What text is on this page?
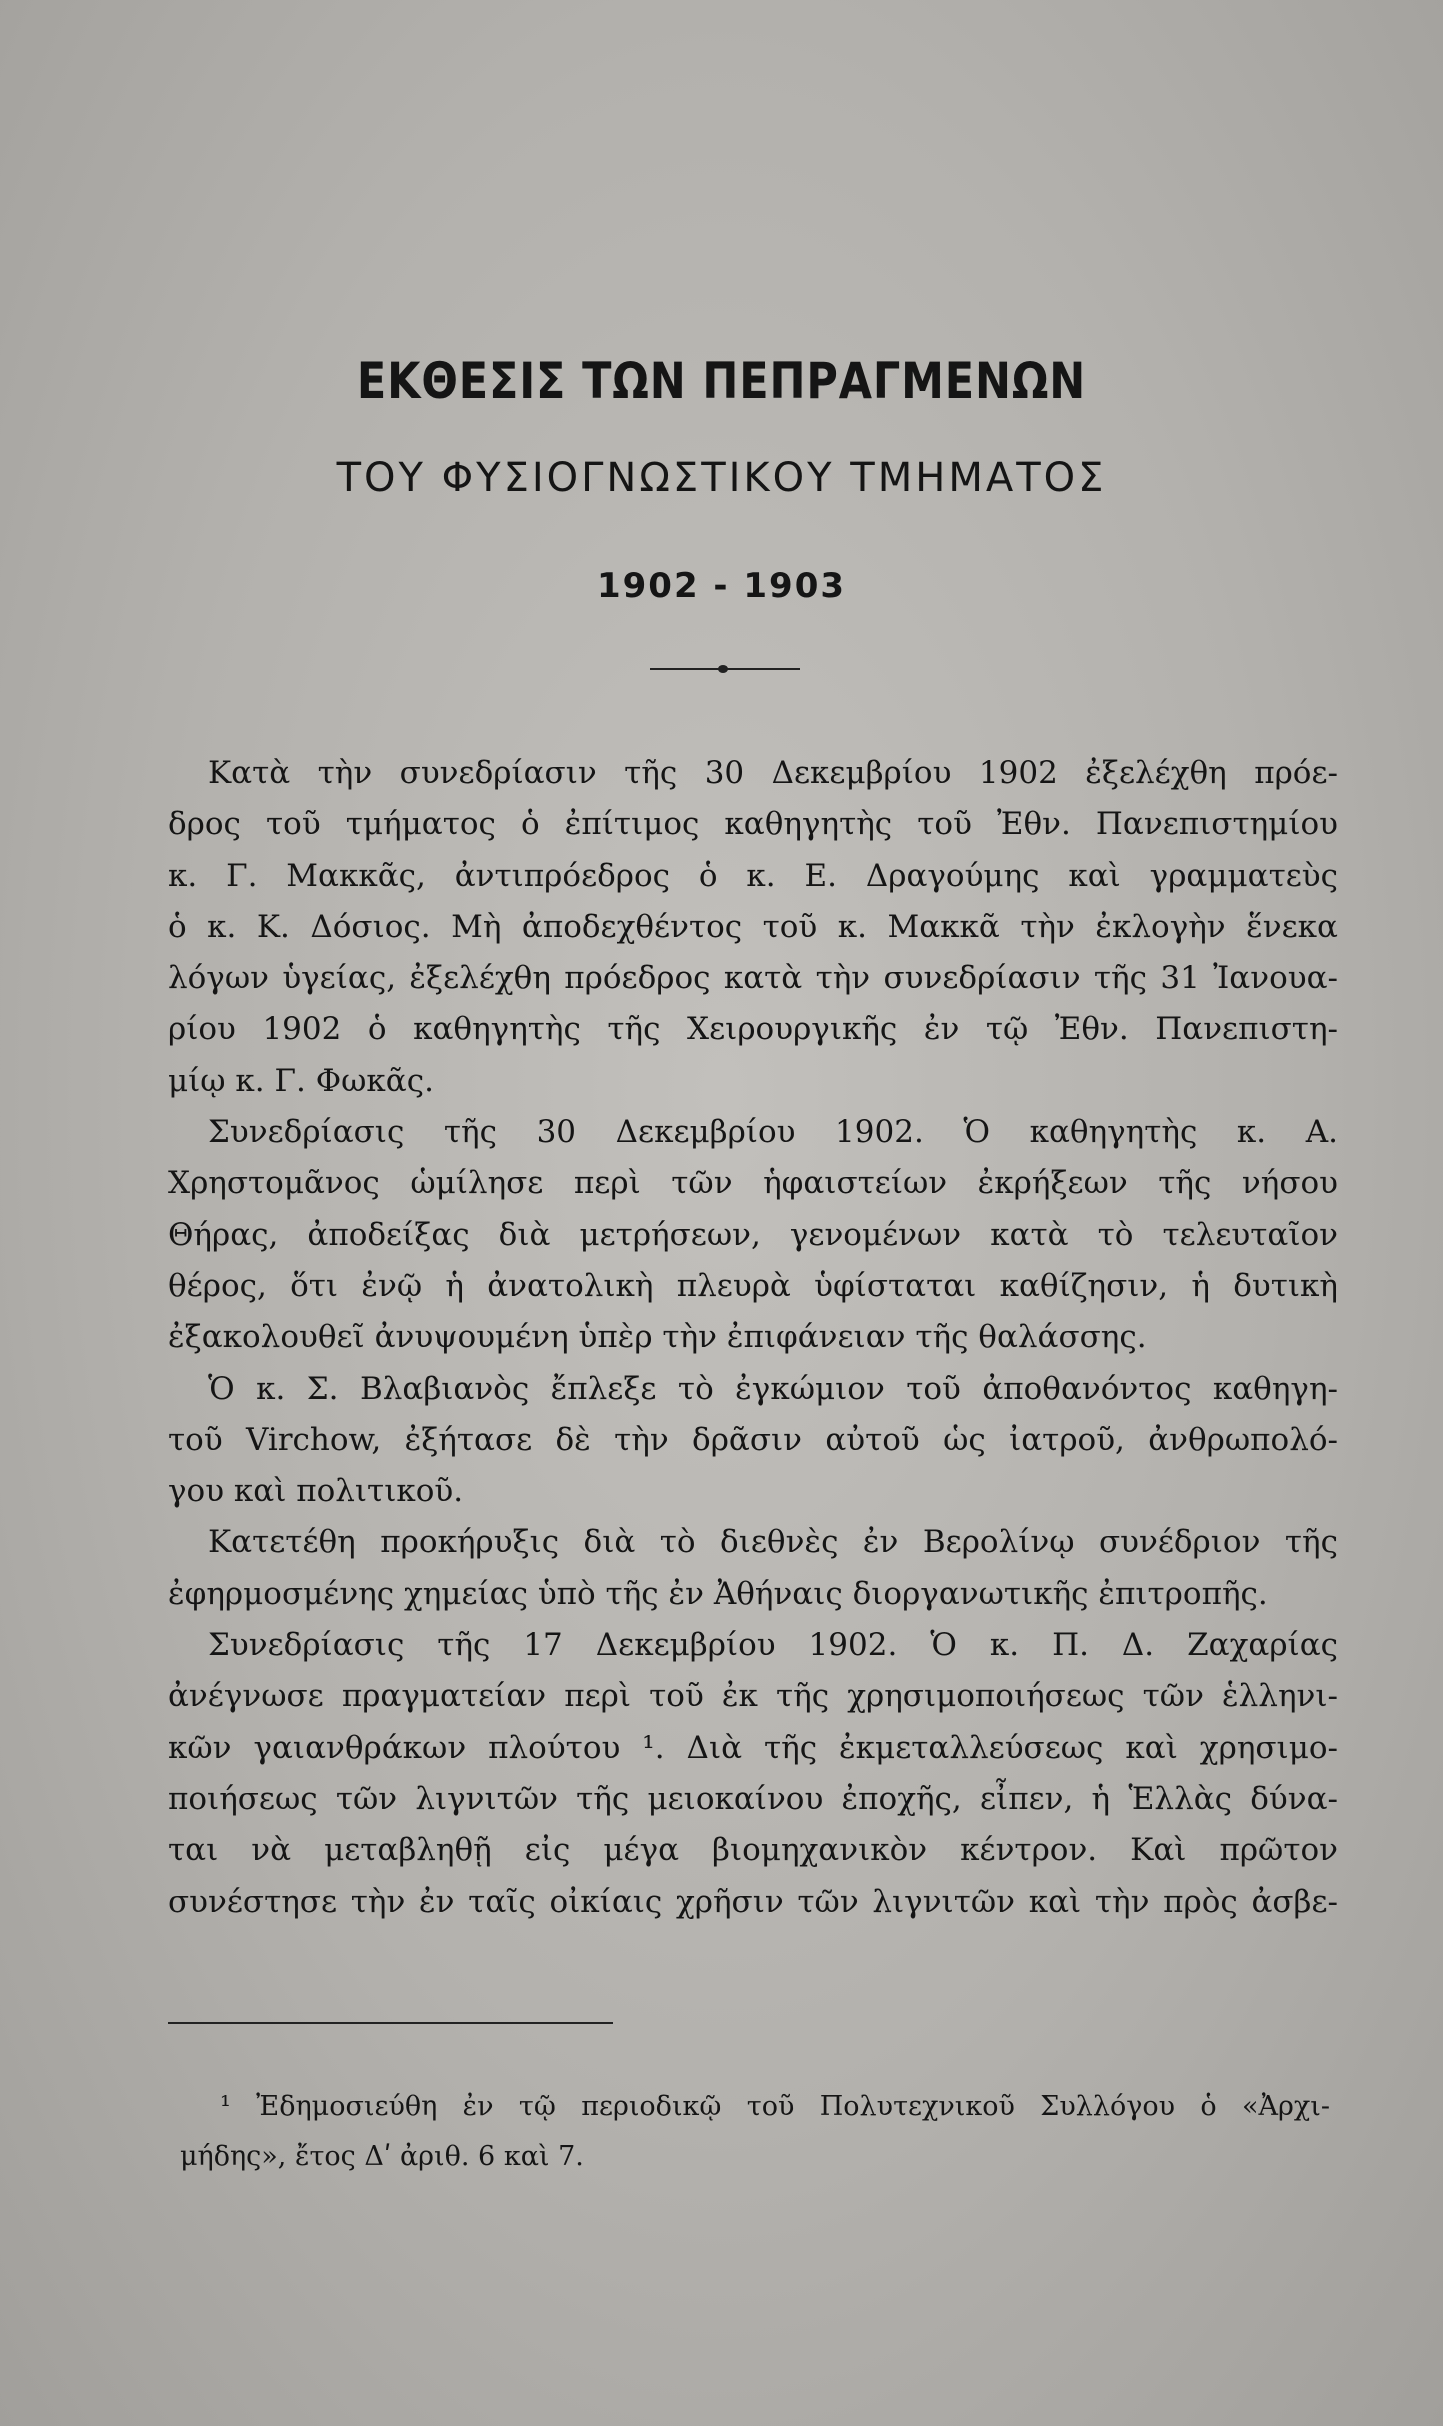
ΕΚΘΕΣΙΣ ΤΩΝ ΠΕΠΡΑΓΜΕΝΩΝ
ΤΟΥ ΦΥΣΙΟΓΝΩΣΤΙΚΟΥ ΤΜΗΜΑΤΟΣ
1902 - 1903
Κατὰ τὴν συνεδρίασιν τῆς 30 Δεκεμβρίου 1902 ἐξελέχθη πρόε-
δρος τοῦ τμήματος ὁ ἐπίτιμος καθηγητὴς τοῦ Ἐθν. Πανεπιστημίου
κ. Γ. Μακκᾶς, ἀντιπρόεδρος ὁ κ. Ε. Δραγούμης καὶ γραμματεὺς
ὁ κ. Κ. Δόσιος. Μὴ ἀποδεχθέντος τοῦ κ. Μακκᾶ τὴν ἐκλογὴν ἕνεκα
λόγων ὑγείας, ἐξελέχθη πρόεδρος κατὰ τὴν συνεδρίασιν τῆς 31 Ἰανουα-
ρίου 1902 ὁ καθηγητὴς τῆς Χειρουργικῆς ἐν τῷ Ἐθν. Πανεπιστη-
μίῳ κ. Γ. Φωκᾶς.
Συνεδρίασις τῆς 30 Δεκεμβρίου 1902. Ὁ καθηγητὴς κ. Α.
Χρηστομᾶνος ὡμίλησε περὶ τῶν ἡφαιστείων ἐκρήξεων τῆς νήσου
Θήρας, ἀποδείξας διὰ μετρήσεων, γενομένων κατὰ τὸ τελευταῖον
θέρος, ὅτι ἐνῷ ἡ ἀνατολικὴ πλευρὰ ὑφίσταται καθίζησιν, ἡ δυτικὴ
ἐξακολουθεῖ ἀνυψουμένη ὑπὲρ τὴν ἐπιφάνειαν τῆς θαλάσσης.
Ὁ κ. Σ. Βλαβιανὸς ἔπλεξε τὸ ἐγκώμιον τοῦ ἀποθανόντος καθηγη-
τοῦ Virchow, ἐξήτασε δὲ τὴν δρᾶσιν αὐτοῦ ὡς ἰατροῦ, ἀνθρωπολό-
γου καὶ πολιτικοῦ.
Κατετέθη προκήρυξις διὰ τὸ διεθνὲς ἐν Βερολίνῳ συνέδριον τῆς
ἐφηρμοσμένης χημείας ὑπὸ τῆς ἐν Ἀθήναις διοργανωτικῆς ἐπιτροπῆς.
Συνεδρίασις τῆς 17 Δεκεμβρίου 1902. Ὁ κ. Π. Δ. Ζαχαρίας
ἀνέγνωσε πραγματείαν περὶ τοῦ ἐκ τῆς χρησιμοποιήσεως τῶν ἑλληνι-
κῶν γαιανθράκων πλούτου ¹. Διὰ τῆς ἐκμεταλλεύσεως καὶ χρησιμο-
ποιήσεως τῶν λιγνιτῶν τῆς μειοκαίνου ἐποχῆς, εἶπεν, ἡ Ἑλλὰς δύνα-
ται νὰ μεταβληθῇ εἰς μέγα βιομηχανικὸν κέντρον. Καὶ πρῶτον
συνέστησε τὴν ἐν ταῖς οἰκίαις χρῆσιν τῶν λιγνιτῶν καὶ τὴν πρὸς ἀσβε-
¹ Ἐδημοσιεύθη ἐν τῷ περιοδικῷ τοῦ Πολυτεχνικοῦ Συλλόγου ὁ «Ἀρχι-
μήδης», ἔτος Δʹ ἀριθ. 6 καὶ 7.
